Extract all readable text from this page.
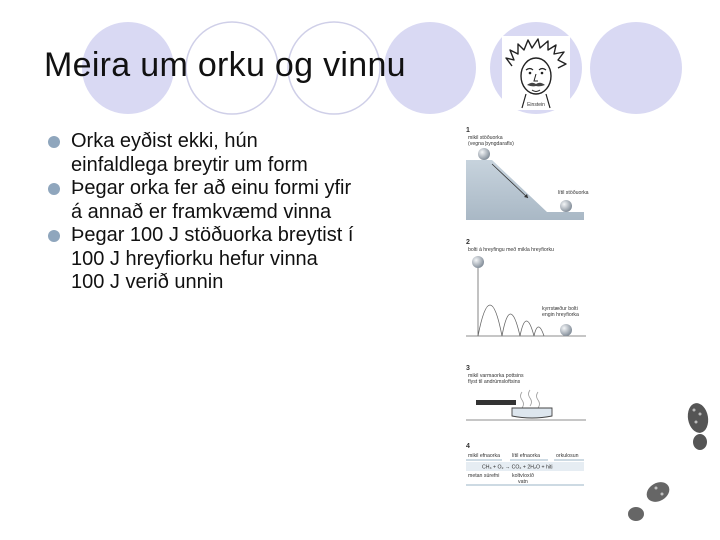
Meira um orku og vinnu
Einstein
Orka eyðist ekki, hún einfaldlega breytir um form
Þegar orka fer að einu formi yfir á annað er framkvæmd vinna
Þegar 100 J stöðuorka breytist í 100 J hreyfiorku hefur vinna 100 J verið unnin
1
mikil stöðuorka
(vegna þyngdarafls)
lítil stöðuorka
2
bolti á hreyfingu með mikla hreyfiorku
kyrrstæður bolti
engin hreyfiorka
3
mikil varmaorka pottsins
flyst til andrúmsloftsins
4
mikil efnaorka lítil efnaorka	orkulosun
CH₄ + O₂ → CO₂ + 2H₂O + hiti
metan súrefni koltvíoxíð
vatn
